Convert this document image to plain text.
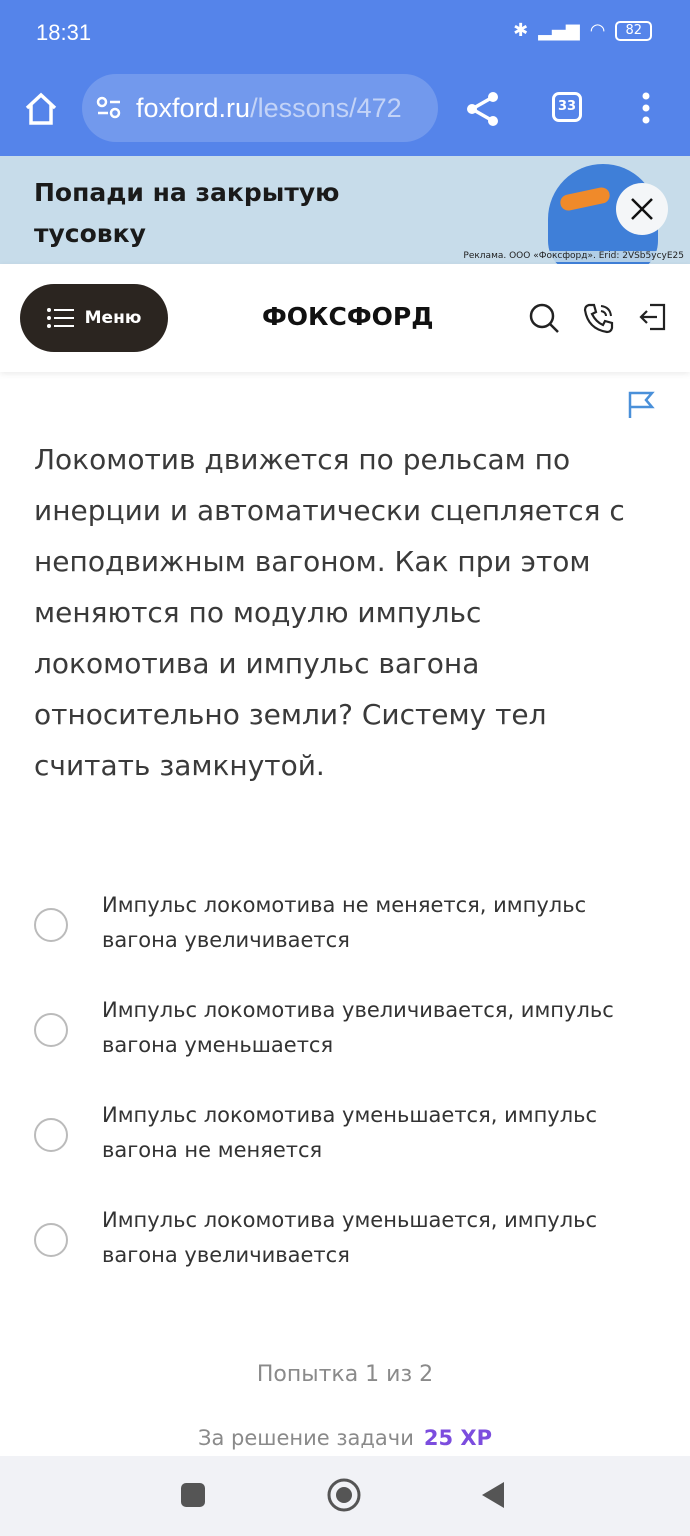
18:31	✱ ▂▄▆ ◠	82
foxford.ru/lessons/472	33
Попади на закрытую тусовку
Реклама. ООО «Фоксфорд». Erid: 2VSb5ycyE25
Меню	ФОКСФОРД
Локомотив движется по рельсам по инерции и автоматически сцепляется с неподвижным вагоном. Как при этом меняются по модулю импульс локомотива и импульс вагона относительно земли? Систему тел считать замкнутой.
Импульс локомотива не меняется, импульс вагона увеличивается
Импульс локомотива увеличивается, импульс вагона уменьшается
Импульс локомотива уменьшается, импульс вагона не меняется
Импульс локомотива уменьшается, импульс вагона увеличивается
Попытка 1 из 2
За решение задачи 25 XP
